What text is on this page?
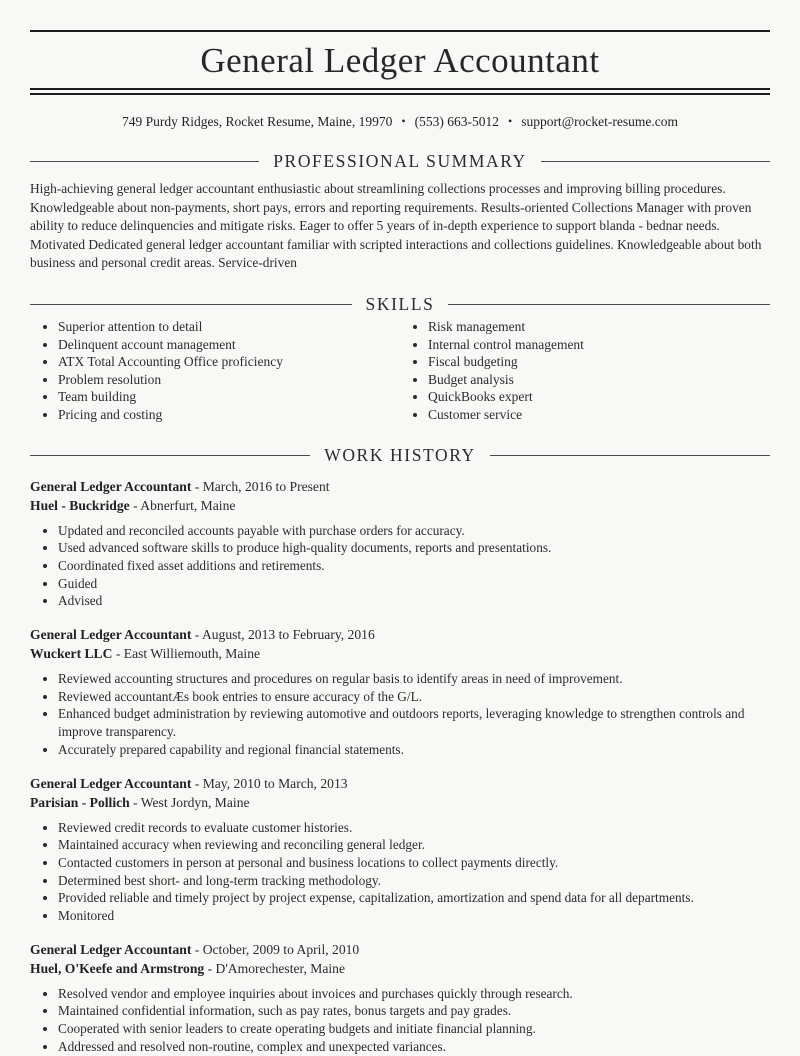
General Ledger Accountant

749 Purdy Ridges, Rocket Resume, Maine, 19970 • (553) 663-5012 • support@rocket-resume.com

PROFESSIONAL SUMMARY

High-achieving general ledger accountant enthusiastic about streamlining collections processes and improving billing procedures. Knowledgeable about non-payments, short pays, errors and reporting requirements. Results-oriented Collections Manager with proven ability to reduce delinquencies and mitigate risks. Eager to offer 5 years of in-depth experience to support blanda - bednar needs. Motivated Dedicated general ledger accountant familiar with scripted interactions and collections guidelines. Knowledgeable about both business and personal credit areas. Service-driven

SKILLS
• Superior attention to detail
• Delinquent account management
• ATX Total Accounting Office proficiency
• Problem resolution
• Team building
• Pricing and costing
• Risk management
• Internal control management
• Fiscal budgeting
• Budget analysis
• QuickBooks expert
• Customer service
WORK HISTORY

General Ledger Accountant - March, 2016 to Present

Huel - Buckridge - Abnerfurt, Maine

• Updated and reconciled accounts payable with purchase orders for accuracy.
• Used advanced software skills to produce high-quality documents, reports and presentations.
• Coordinated fixed asset additions and retirements.
• Guided
• Advised

General Ledger Accountant - August, 2013 to February, 2016

Wuckert LLC - East Williemouth, Maine

• Reviewed accounting structures and procedures on regular basis to identify areas in need of improvement.
• Reviewed accountantÆs book entries to ensure accuracy of the G/L.
• Enhanced budget administration by reviewing automotive and outdoors reports, leveraging knowledge to strengthen controls and improve transparency.
• Accurately prepared capability and regional financial statements.

General Ledger Accountant - May, 2010 to March, 2013

Parisian - Pollich - West Jordyn, Maine

• Reviewed credit records to evaluate customer histories.
• Maintained accuracy when reviewing and reconciling general ledger.
• Contacted customers in person at personal and business locations to collect payments directly.
• Determined best short- and long-term tracking methodology.
• Provided reliable and timely project by project expense, capitalization, amortization and spend data for all departments.
• Monitored

General Ledger Accountant - October, 2009 to April, 2010

Huel, O'Keefe and Armstrong - D'Amorechester, Maine

• Resolved vendor and employee inquiries about invoices and purchases quickly through research.
• Maintained confidential information, such as pay rates, bonus targets and pay grades.
• Cooperated with senior leaders to create operating budgets and initiate financial planning.
• Addressed and resolved non-routine, complex and unexpected variances.
